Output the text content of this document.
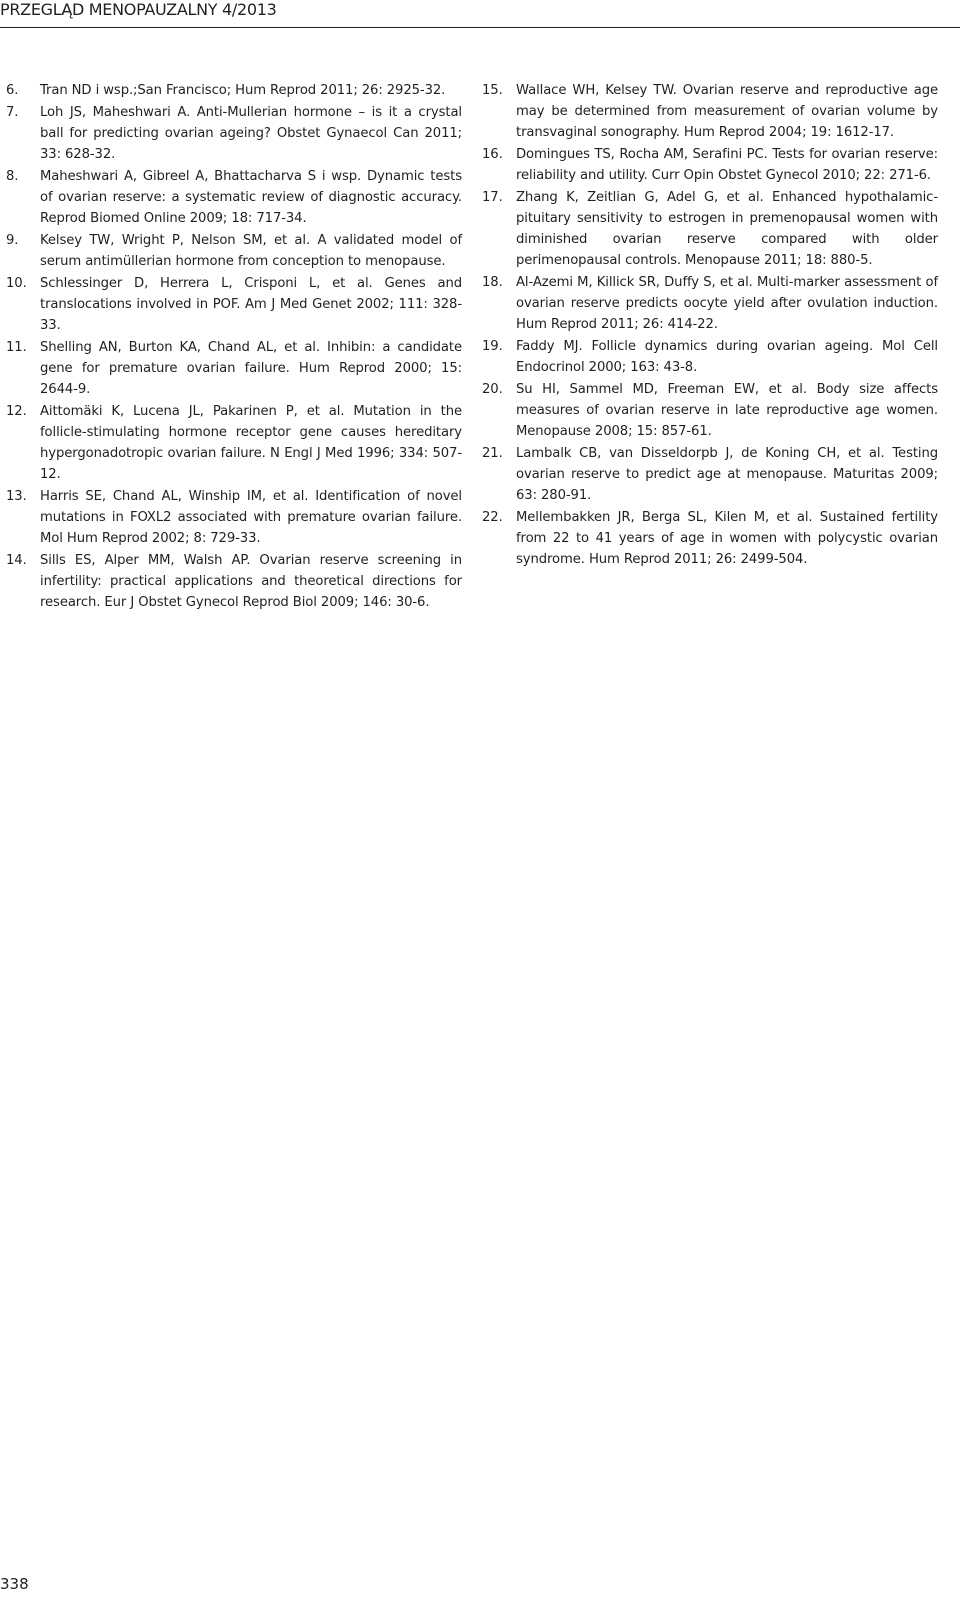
PRZEGLĄD MENOPAUZALNY 4/2013
6.	Tran ND i wsp.;San Francisco; Hum Reprod 2011; 26: 2925-32.
7.	Loh JS, Maheshwari A. Anti-Mullerian hormone – is it a crystal ball for predicting ovarian ageing? Obstet Gynaecol Can 2011; 33: 628-32.
8.	Maheshwari A, Gibreel A, Bhattacharva S i wsp. Dynamic tests of ovarian reserve: a systematic review of diagnostic accuracy. Reprod Biomed Online 2009; 18: 717-34.
9.	Kelsey TW, Wright P, Nelson SM, et al. A validated model of serum antimüllerian hormone from conception to menopause.
10.	Schlessinger D, Herrera L, Crisponi L, et al. Genes and translocations involved in POF. Am J Med Genet 2002; 111: 328-33.
11.	Shelling AN, Burton KA, Chand AL, et al. Inhibin: a candidate gene for premature ovarian failure. Hum Reprod 2000; 15: 2644-9.
12.	Aittomäki K, Lucena JL, Pakarinen P, et al. Mutation in the follicle-stimulating hormone receptor gene causes hereditary hypergonadotropic ovarian failure. N Engl J Med 1996; 334: 507-12.
13.	Harris SE, Chand AL, Winship IM, et al. Identification of novel mutations in FOXL2 associated with premature ovarian failure. Mol Hum Reprod 2002; 8: 729-33.
14.	Sills ES, Alper MM, Walsh AP. Ovarian reserve screening in infertility: practical applications and theoretical directions for research. Eur J Obstet Gynecol Reprod Biol 2009; 146: 30-6.
15.	Wallace WH, Kelsey TW. Ovarian reserve and reproductive age may be determined from measurement of ovarian volume by transvaginal sonography. Hum Reprod 2004; 19: 1612-17.
16.	Domingues TS, Rocha AM, Serafini PC. Tests for ovarian reserve: reliability and utility. Curr Opin Obstet Gynecol 2010; 22: 271-6.
17.	Zhang K, Zeitlian G, Adel G, et al. Enhanced hypothalamic-pituitary sensitivity to estrogen in premenopausal women with diminished ovarian reserve compared with older perimenopausal controls. Menopause 2011; 18: 880-5.
18.	Al-Azemi M, Killick SR, Duffy S, et al. Multi-marker assessment of ovarian reserve predicts oocyte yield after ovulation induction. Hum Reprod 2011; 26: 414-22.
19.	Faddy MJ. Follicle dynamics during ovarian ageing. Mol Cell Endocrinol 2000; 163: 43-8.
20.	Su HI, Sammel MD, Freeman EW, et al. Body size affects measures of ovarian reserve in late reproductive age women. Menopause 2008; 15: 857-61.
21.	Lambalk CB, van Disseldorpb J, de Koning CH, et al. Testing ovarian reserve to predict age at menopause. Maturitas 2009; 63: 280-91.
22.	Mellembakken JR, Berga SL, Kilen M, et al. Sustained fertility from 22 to 41 years of age in women with polycystic ovarian syndrome. Hum Reprod 2011; 26: 2499-504.
338
